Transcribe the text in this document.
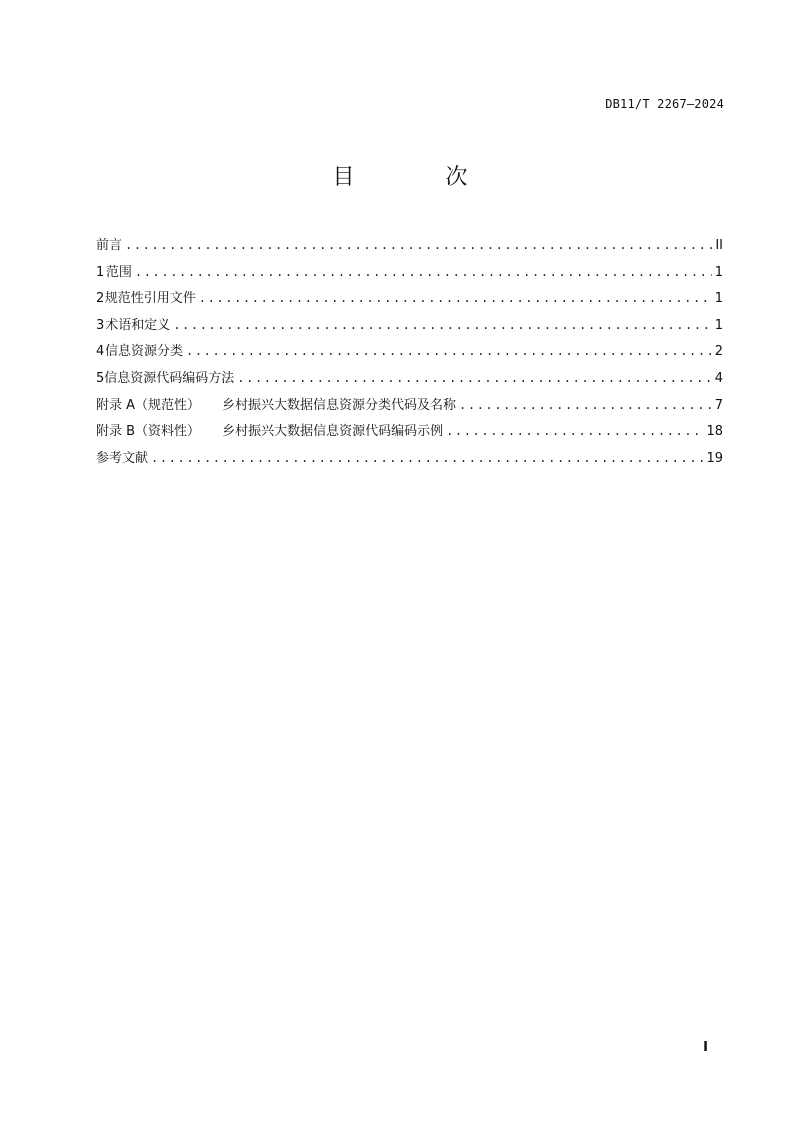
DB11/T 2267—2024
目 次
前言 .....	II
1 范围 .....	1
2 规范性引用文件 .....	1
3 术语和定义 .....	1
4 信息资源分类 .....	2
5 信息资源代码编码方法 .....	4
附录 A（规范性） 乡村振兴大数据信息资源分类代码及名称 .....	7
附录 B（资料性） 乡村振兴大数据信息资源代码编码示例 .....	18
参考文献 .....	19
I
